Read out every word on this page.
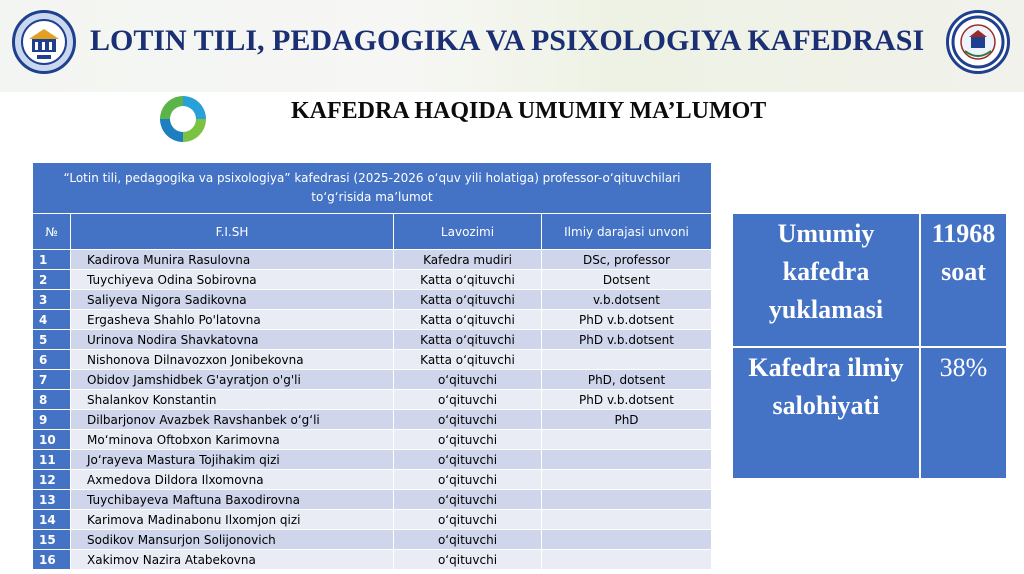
LOTIN TILI, PEDAGOGIKA VA PSIXOLOGIYA KAFEDRASI
KAFEDRA HAQIDA UMUMIY MA’LUMOT
“Lotin tili, pedagogika va psixologiya” kafedrasi (2025-2026 oʻquv yili holatiga) professor-oʻqituvchilari toʻgʻrisida maʼlumot			
№	F.I.SH	Lavozimi	Ilmiy darajasi unvoni
1	Kadirova Munira Rasulovna	Kafedra mudiri	DSc, professor
2	Tuychiyeva Odina Sobirovna	Katta oʻqituvchi	Dotsent
3	Saliyeva Nigora Sadikovna	Katta oʻqituvchi	v.b.dotsent
4	Ergasheva Shahlo Po'latovna	Katta oʻqituvchi	PhD v.b.dotsent
5	Urinova Nodira Shavkatovna	Katta oʻqituvchi	PhD v.b.dotsent
6	Nishonova Dilnavozxon Jonibekovna	Katta oʻqituvchi	
7	Obidov Jamshidbek G'ayratjon o'g'li	oʻqituvchi	PhD, dotsent
8	Shalankov Konstantin	oʻqituvchi	PhD v.b.dotsent
9	Dilbarjonov Avazbek Ravshanbek oʻgʻli	oʻqituvchi	PhD
10	Moʻminova Oftobxon Karimovna	oʻqituvchi	
11	Joʻrayeva Mastura Tojihakim qizi	oʻqituvchi	
12	Axmedova Dildora Ilxomovna	oʻqituvchi	
13	Tuychibayeva Maftuna Baxodirovna	oʻqituvchi	
14	Karimova Madinabonu Ilxomjon qizi	oʻqituvchi	
15	Sodikov Mansurjon Solijonovich	oʻqituvchi	
16	Xakimov Nazira Atabekovna	oʻqituvchi	
Umumiy kafedra yuklamasi	11968 soat
Kafedra ilmiy salohiyati	38%
